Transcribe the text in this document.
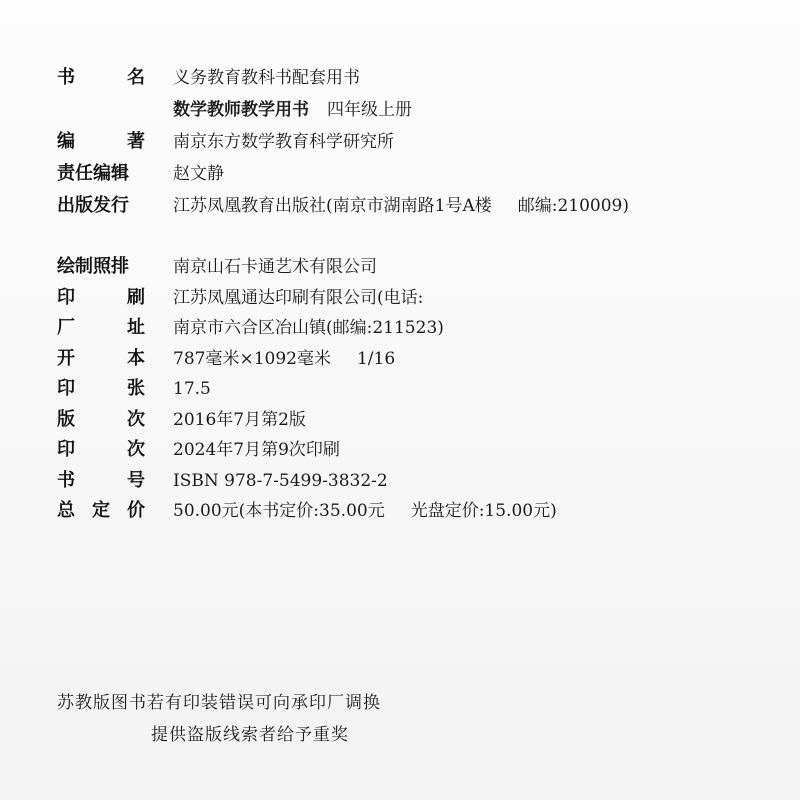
书	名 义务教育教科书配套用书
数学教师教学用书 四年级上册
编	著 南京东方数学教育科学研究所
责任编辑	赵文静
出版发行	江苏凤凰教育出版社(南京市湖南路1号A楼 邮编:210009)
绘制照排	南京山石卡通艺术有限公司
印	刷 江苏凤凰通达印刷有限公司(电话:
厂	址 南京市六合区冶山镇(邮编:211523)
开	本 787毫米×1092毫米 1/16
印	张 17.5
版	次 2016年7月第2版
印	次 2024年7月第9次印刷
书	号 ISBN 978-7-5499-3832-2
总 定 价 50.00元(本书定价:35.00元 光盘定价:15.00元)
苏教版图书若有印装错误可向承印厂调换
提供盗版线索者给予重奖
